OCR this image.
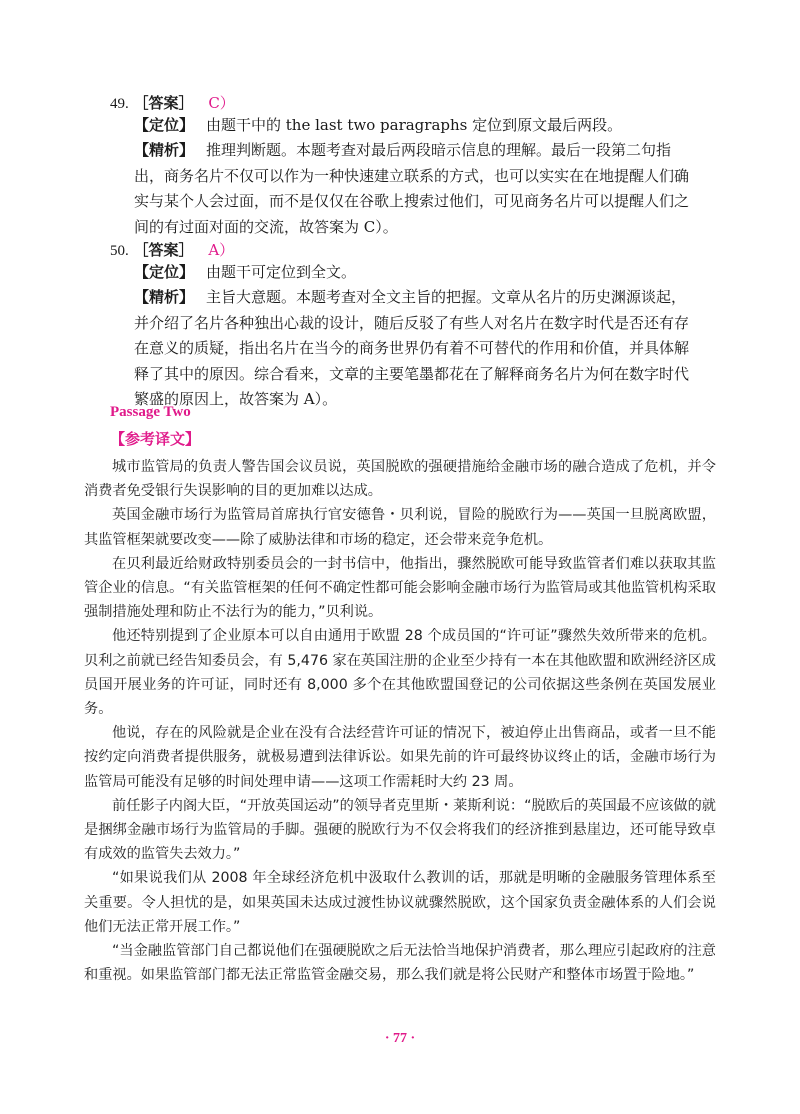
49. ［答案］ C）
【定位】 由题干中的 the last two paragraphs 定位到原文最后两段。
【精析】 推理判断题。本题考查对最后两段暗示信息的理解。最后一段第二句指出，商务名片不仅可以作为一种快速建立联系的方式，也可以实实在在地提醒人们确实与某个人会过面，而不是仅仅在谷歌上搜索过他们，可见商务名片可以提醒人们之间的有过面对面的交流，故答案为 C）。
50. ［答案］ A）
【定位】 由题干可定位到全文。
【精析】 主旨大意题。本题考查对全文主旨的把握。文章从名片的历史渊源谈起，并介绍了名片各种独出心裁的设计，随后反驳了有些人对名片在数字时代是否还有存在意义的质疑，指出名片在当今的商务世界仍有着不可替代的作用和价值，并具体解释了其中的原因。综合看来，文章的主要笔墨都花在了解释商务名片为何在数字时代繁盛的原因上，故答案为 A）。
Passage Two
【参考译文】

城市监管局的负责人警告国会议员说，英国脱欧的强硬措施给金融市场的融合造成了危机，并令消费者免受银行失误影响的目的更加难以达成。

英国金融市场行为监管局首席执行官安德鲁・贝利说，冒险的脱欧行为——英国一旦脱离欧盟，其监管框架就要改变——除了威胁法律和市场的稳定，还会带来竞争危机。

在贝利最近给财政特别委员会的一封书信中，他指出，骤然脱欧可能导致监管者们难以获取其监管企业的信息。“有关监管框架的任何不确定性都可能会影响金融市场行为监管局或其他监管机构采取强制措施处理和防止不法行为的能力，”贝利说。

他还特别提到了企业原本可以自由通用于欧盟 28 个成员国的“许可证”骤然失效所带来的危机。贝利之前就已经告知委员会，有 5,476 家在英国注册的企业至少持有一本在其他欧盟和欧洲经济区成员国开展业务的许可证，同时还有 8,000 多个在其他欧盟国登记的公司依据这些条例在英国发展业务。

他说，存在的风险就是企业在没有合法经营许可证的情况下，被迫停止出售商品，或者一旦不能按约定向消费者提供服务，就极易遭到法律诉讼。如果先前的许可最终协议终止的话，金融市场行为监管局可能没有足够的时间处理申请——这项工作需耗时大约 23 周。

前任影子内阁大臣，“开放英国运动”的领导者克里斯・莱斯利说：“脱欧后的英国最不应该做的就是捆绑金融市场行为监管局的手脚。强硬的脱欧行为不仅会将我们的经济推到悬崖边，还可能导致卓有成效的监管失去效力。”

“如果说我们从 2008 年全球经济危机中汲取什么教训的话，那就是明晰的金融服务管理体系至关重要。令人担忧的是，如果英国未达成过渡性协议就骤然脱欧，这个国家负责金融体系的人们会说他们无法正常开展工作。”

“当金融监管部门自己都说他们在强硬脱欧之后无法恰当地保护消费者，那么理应引起政府的注意和重视。如果监管部门都无法正常监管金融交易，那么我们就是将公民财产和整体市场置于险地。”

· 77 ·
